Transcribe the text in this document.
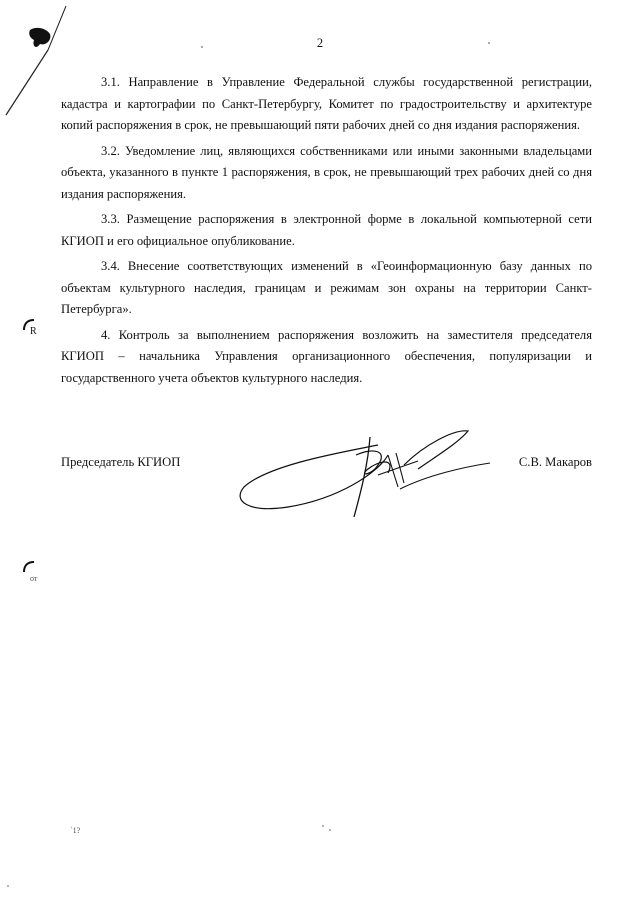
2

3.1. Направление в Управление Федеральной службы государственной регистрации, кадастра и картографии по Санкт-Петербургу, Комитет по градостроительству и архитектуре копий распоряжения в срок, не превышающий пяти рабочих дней со дня издания распоряжения.

3.2. Уведомление лиц, являющихся собственниками или иными законными владельцами объекта, указанного в пункте 1 распоряжения, в срок, не превышающий трех рабочих дней со дня издания распоряжения.

3.3. Размещение распоряжения в электронной форме в локальной компьютерной сети КГИОП и его официальное опубликование.

3.4. Внесение соответствующих изменений в «Геоинформационную базу данных по объектам культурного наследия, границам и режимам зон охраны на территории Санкт-Петербурга».

4. Контроль за выполнением распоряжения возложить на заместителя председателя КГИОП – начальника Управления организационного обеспечения, популяризации и государственного учета объектов культурного наследия.

R
от
Председатель КГИОП	С.В. Макаров
ʾ1?
